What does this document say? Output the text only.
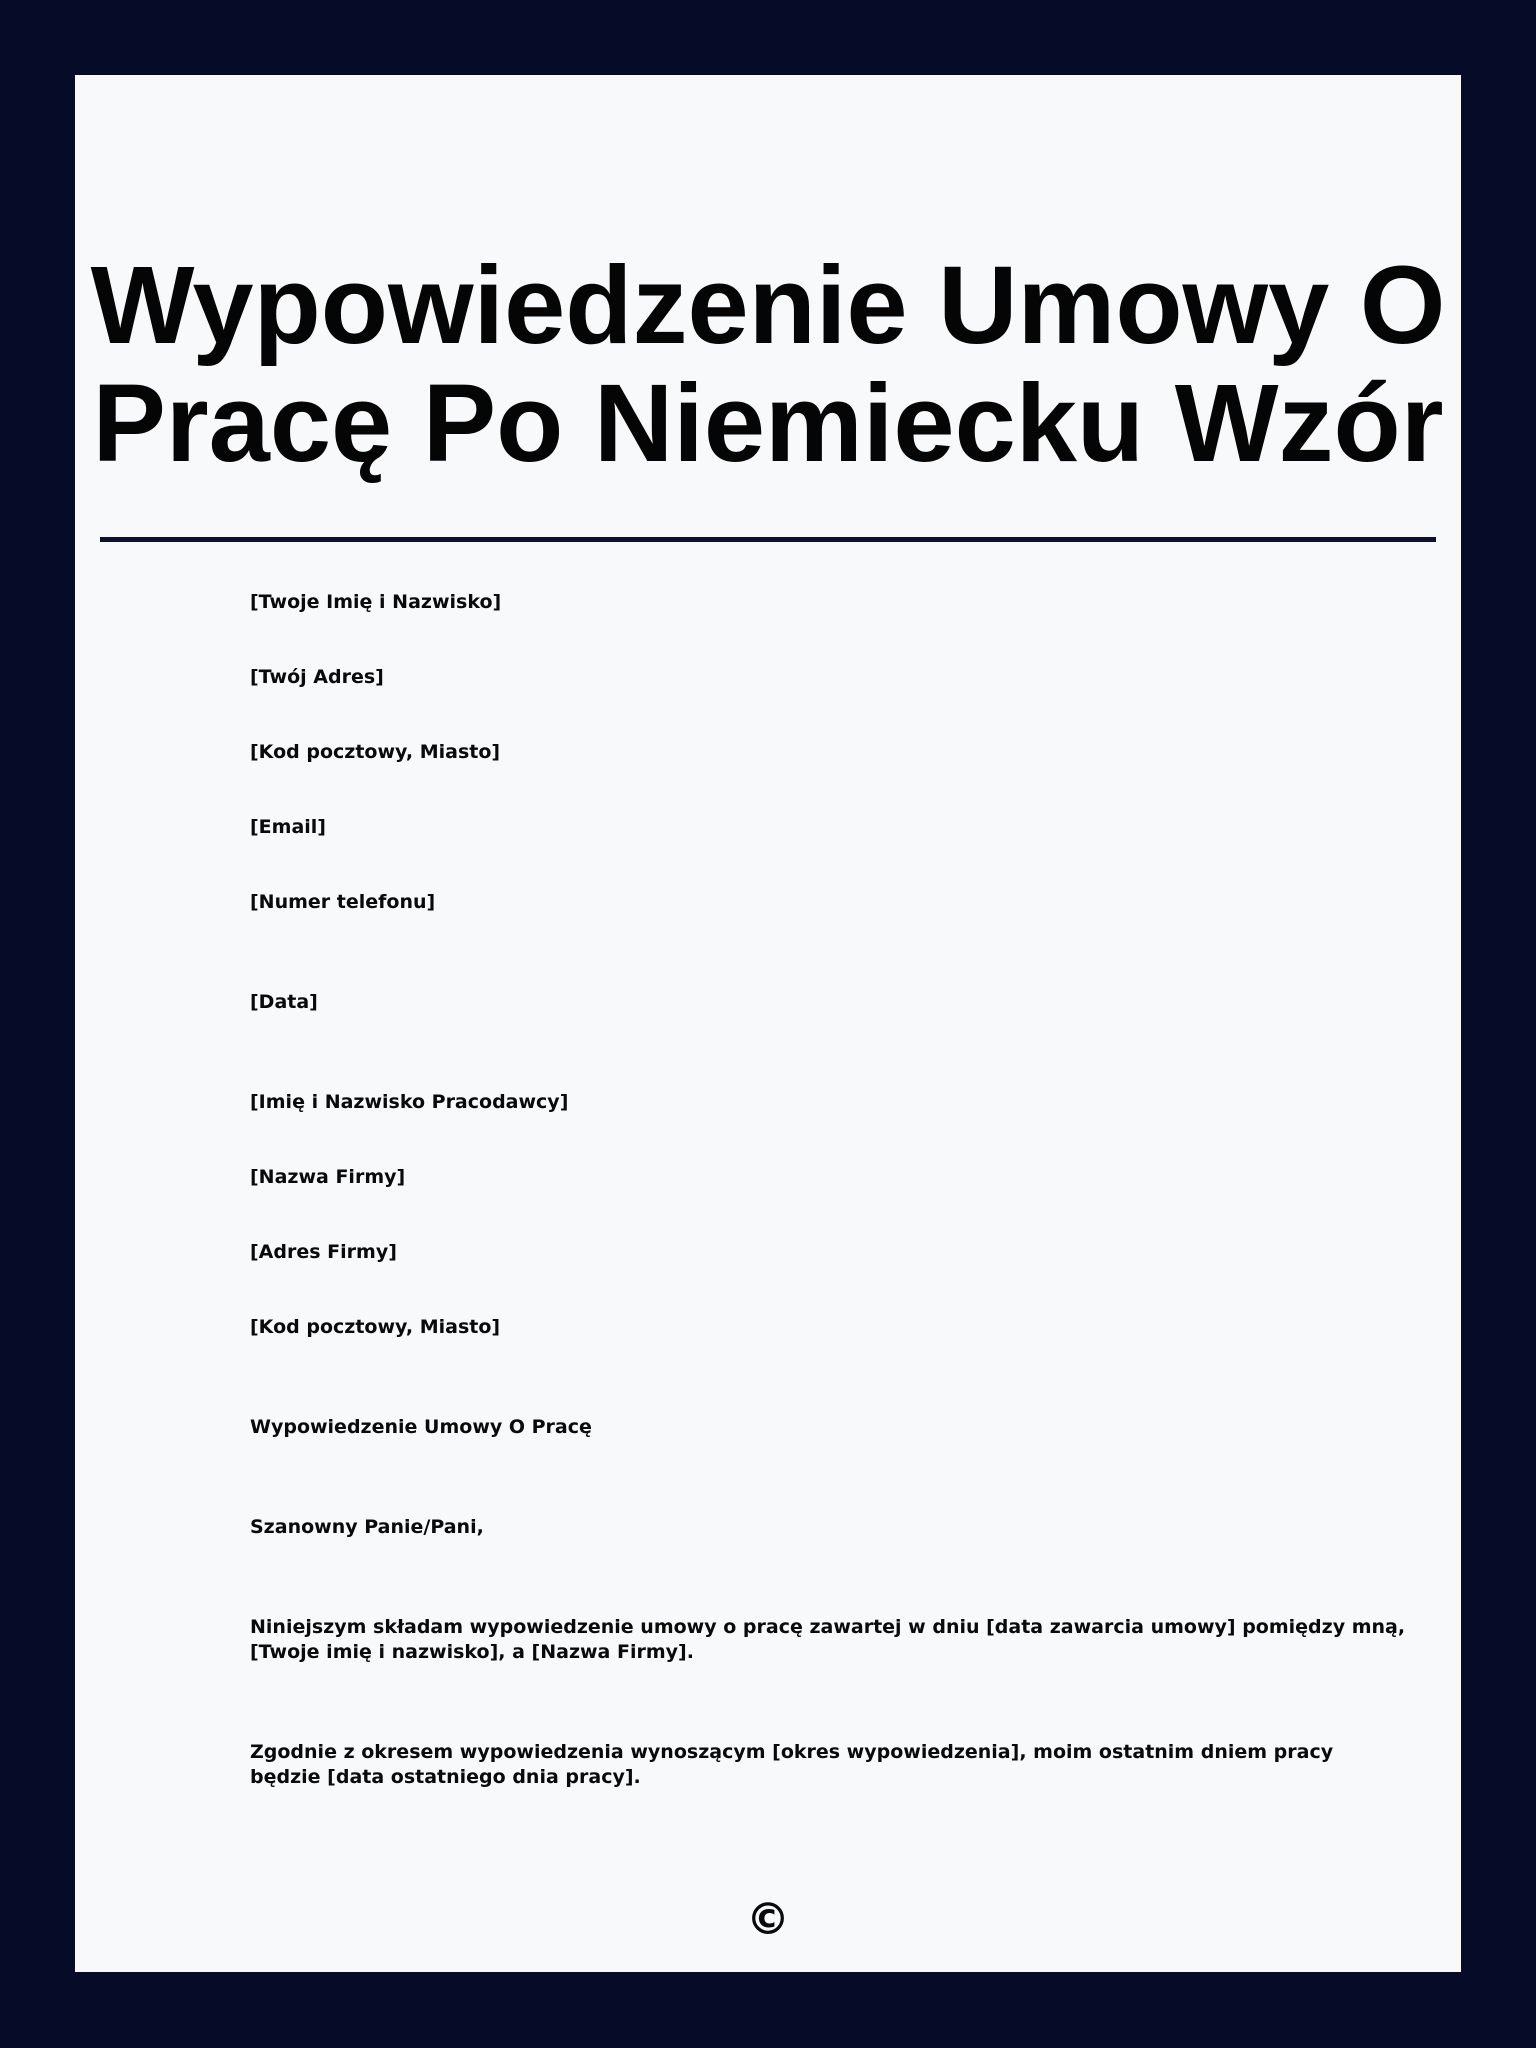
Wypowiedzenie Umowy O
Pracę Po Niemiecku Wzór

[Twoje Imię i Nazwisko]

[Twój Adres]

[Kod pocztowy, Miasto]

[Email]

[Numer telefonu]

[Data]

[Imię i Nazwisko Pracodawcy]

[Nazwa Firmy]

[Adres Firmy]

[Kod pocztowy, Miasto]

Wypowiedzenie Umowy O Pracę

Szanowny Panie/Pani,

Niniejszym składam wypowiedzenie umowy o pracę zawartej w dniu [data zawarcia umowy] pomiędzy mną,
[Twoje imię i nazwisko], a [Nazwa Firmy].
Zgodnie z okresem wypowiedzenia wynoszącym [okres wypowiedzenia], moim ostatnim dniem pracy
będzie [data ostatniego dnia pracy].
©
